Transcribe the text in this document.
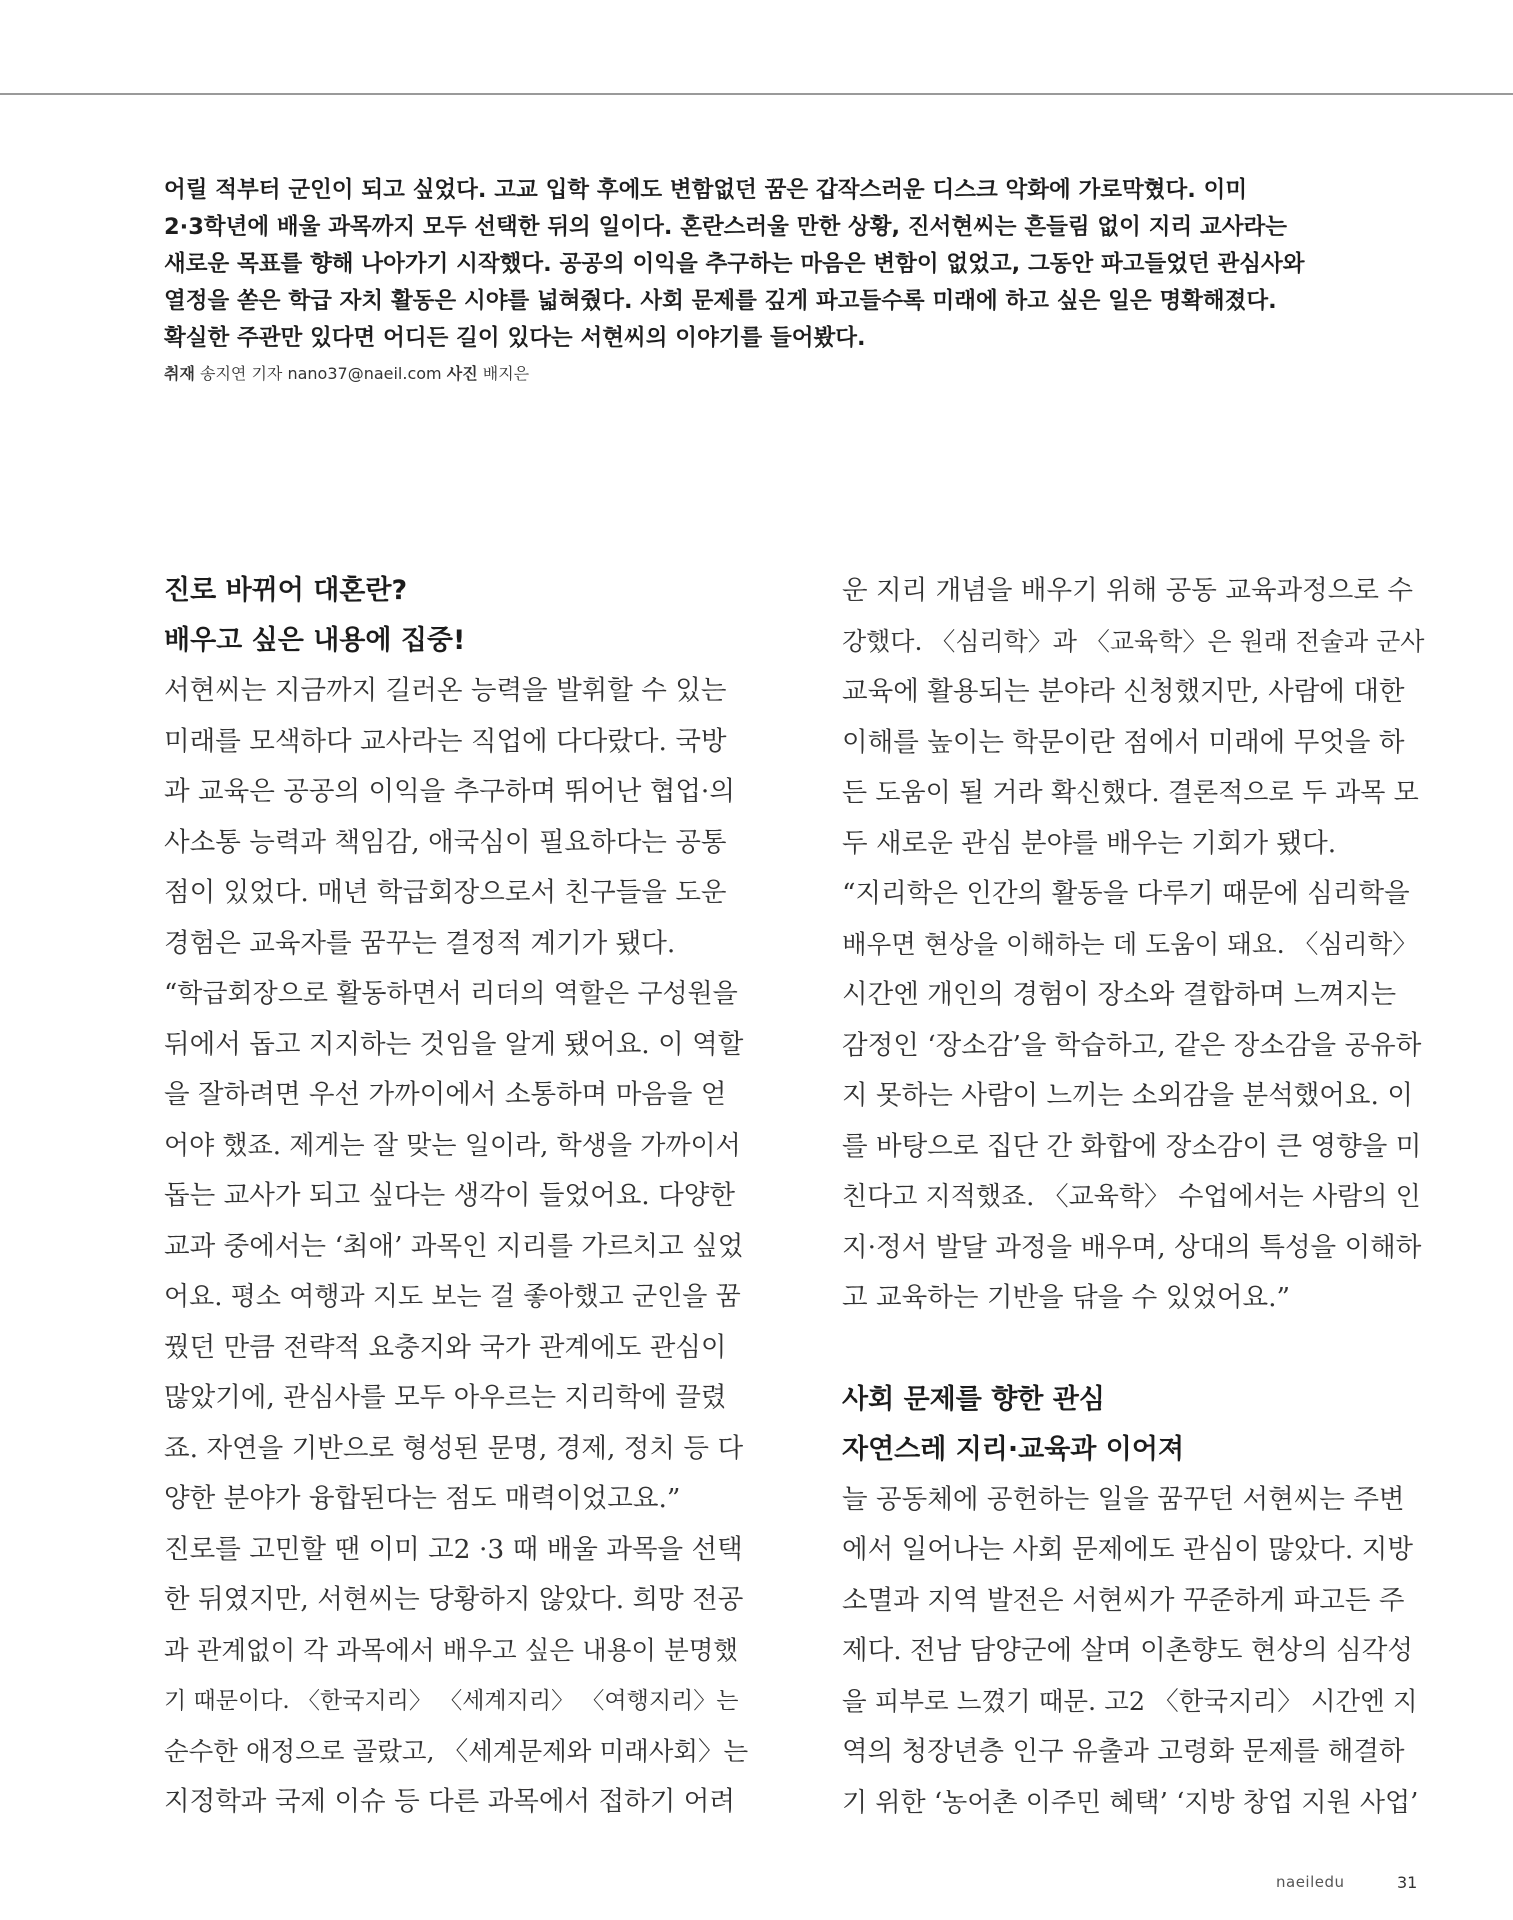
어릴 적부터 군인이 되고 싶었다. 고교 입학 후에도 변함없던 꿈은 갑작스러운 디스크 악화에 가로막혔다. 이미

2·3학년에 배울 과목까지 모두 선택한 뒤의 일이다. 혼란스러울 만한 상황, 진서현씨는 흔들림 없이 지리 교사라는

새로운 목표를 향해 나아가기 시작했다. 공공의 이익을 추구하는 마음은 변함이 없었고, 그동안 파고들었던 관심사와

열정을 쏟은 학급 자치 활동은 시야를 넓혀줬다. 사회 문제를 깊게 파고들수록 미래에 하고 싶은 일은 명확해졌다.

확실한 주관만 있다면 어디든 길이 있다는 서현씨의 이야기를 들어봤다.

취재 송지연 기자 nano37@naeil.com 사진 배지은

진로 바뀌어 대혼란?

배우고 싶은 내용에 집중!

서현씨는 지금까지 길러온 능력을 발휘할 수 있는

미래를 모색하다 교사라는 직업에 다다랐다. 국방

과 교육은 공공의 이익을 추구하며 뛰어난 협업·의

사소통 능력과 책임감, 애국심이 필요하다는 공통

점이 있었다. 매년 학급회장으로서 친구들을 도운

경험은 교육자를 꿈꾸는 결정적 계기가 됐다.

“학급회장으로 활동하면서 리더의 역할은 구성원을

뒤에서 돕고 지지하는 것임을 알게 됐어요. 이 역할

을 잘하려면 우선 가까이에서 소통하며 마음을 얻

어야 했죠. 제게는 잘 맞는 일이라, 학생을 가까이서

돕는 교사가 되고 싶다는 생각이 들었어요. 다양한

교과 중에서는 ‘최애’ 과목인 지리를 가르치고 싶었

어요. 평소 여행과 지도 보는 걸 좋아했고 군인을 꿈

꿨던 만큼 전략적 요충지와 국가 관계에도 관심이

많았기에, 관심사를 모두 아우르는 지리학에 끌렸

죠. 자연을 기반으로 형성된 문명, 경제, 정치 등 다

양한 분야가 융합된다는 점도 매력이었고요.”

진로를 고민할 땐 이미 고2 ·3 때 배울 과목을 선택

한 뒤였지만, 서현씨는 당황하지 않았다. 희망 전공

과 관계없이 각 과목에서 배우고 싶은 내용이 분명했

기 때문이다. 〈한국지리〉 〈세계지리〉 〈여행지리〉는

순수한 애정으로 골랐고, 〈세계문제와 미래사회〉는

지정학과 국제 이슈 등 다른 과목에서 접하기 어려

운 지리 개념을 배우기 위해 공동 교육과정으로 수

강했다. 〈심리학〉과 〈교육학〉은 원래 전술과 군사

교육에 활용되는 분야라 신청했지만, 사람에 대한

이해를 높이는 학문이란 점에서 미래에 무엇을 하

든 도움이 될 거라 확신했다. 결론적으로 두 과목 모

두 새로운 관심 분야를 배우는 기회가 됐다.

“지리학은 인간의 활동을 다루기 때문에 심리학을

배우면 현상을 이해하는 데 도움이 돼요. 〈심리학〉

시간엔 개인의 경험이 장소와 결합하며 느껴지는

감정인 ‘장소감’을 학습하고, 같은 장소감을 공유하

지 못하는 사람이 느끼는 소외감을 분석했어요. 이

를 바탕으로 집단 간 화합에 장소감이 큰 영향을 미

친다고 지적했죠. 〈교육학〉 수업에서는 사람의 인

지·정서 발달 과정을 배우며, 상대의 특성을 이해하

고 교육하는 기반을 닦을 수 있었어요.”

사회 문제를 향한 관심

자연스레 지리·교육과 이어져

늘 공동체에 공헌하는 일을 꿈꾸던 서현씨는 주변

에서 일어나는 사회 문제에도 관심이 많았다. 지방

소멸과 지역 발전은 서현씨가 꾸준하게 파고든 주

제다. 전남 담양군에 살며 이촌향도 현상의 심각성

을 피부로 느꼈기 때문. 고2 〈한국지리〉 시간엔 지

역의 청장년층 인구 유출과 고령화 문제를 해결하

기 위한 ‘농어촌 이주민 혜택’ ‘지방 창업 지원 사업’

naeiledu	31
